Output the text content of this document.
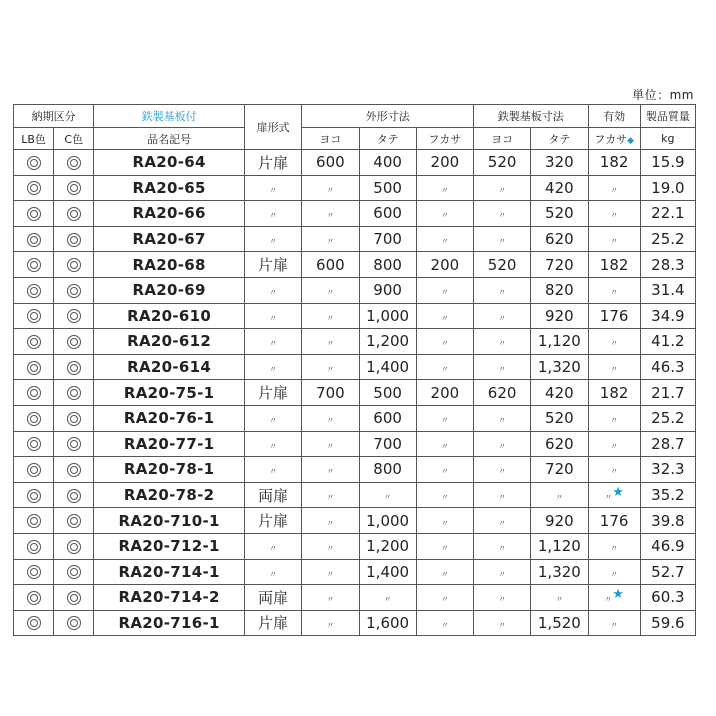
単位：mm
納期区分		鉄製基板付	扉形式	外形寸法			鉄製基板寸法		有効	製品質量
LB色	C色	品名記号		ヨコ	タテ	フカサ	ヨコ	タテ	フカサ◆	kg
		RA20-64	片扉	600	400	200	520	320	182	15.9
		RA20-65	〃	〃	500	〃	〃	420	〃	19.0
		RA20-66	〃	〃	600	〃	〃	520	〃	22.1
		RA20-67	〃	〃	700	〃	〃	620	〃	25.2
		RA20-68	片扉	600	800	200	520	720	182	28.3
		RA20-69	〃	〃	900	〃	〃	820	〃	31.4
		RA20-610	〃	〃	1,000	〃	〃	920	176	34.9
		RA20-612	〃	〃	1,200	〃	〃	1,120	〃	41.2
		RA20-614	〃	〃	1,400	〃	〃	1,320	〃	46.3
		RA20-75-1	片扉	700	500	200	620	420	182	21.7
		RA20-76-1	〃	〃	600	〃	〃	520	〃	25.2
		RA20-77-1	〃	〃	700	〃	〃	620	〃	28.7
		RA20-78-1	〃	〃	800	〃	〃	720	〃	32.3
		RA20-78-2	両扉	〃	〃	〃	〃	〃	〃★	35.2
		RA20-710-1	片扉	〃	1,000	〃	〃	920	176	39.8
		RA20-712-1	〃	〃	1,200	〃	〃	1,120	〃	46.9
		RA20-714-1	〃	〃	1,400	〃	〃	1,320	〃	52.7
		RA20-714-2	両扉	〃	〃	〃	〃	〃	〃★	60.3
		RA20-716-1	片扉	〃	1,600	〃	〃	1,520	〃	59.6
